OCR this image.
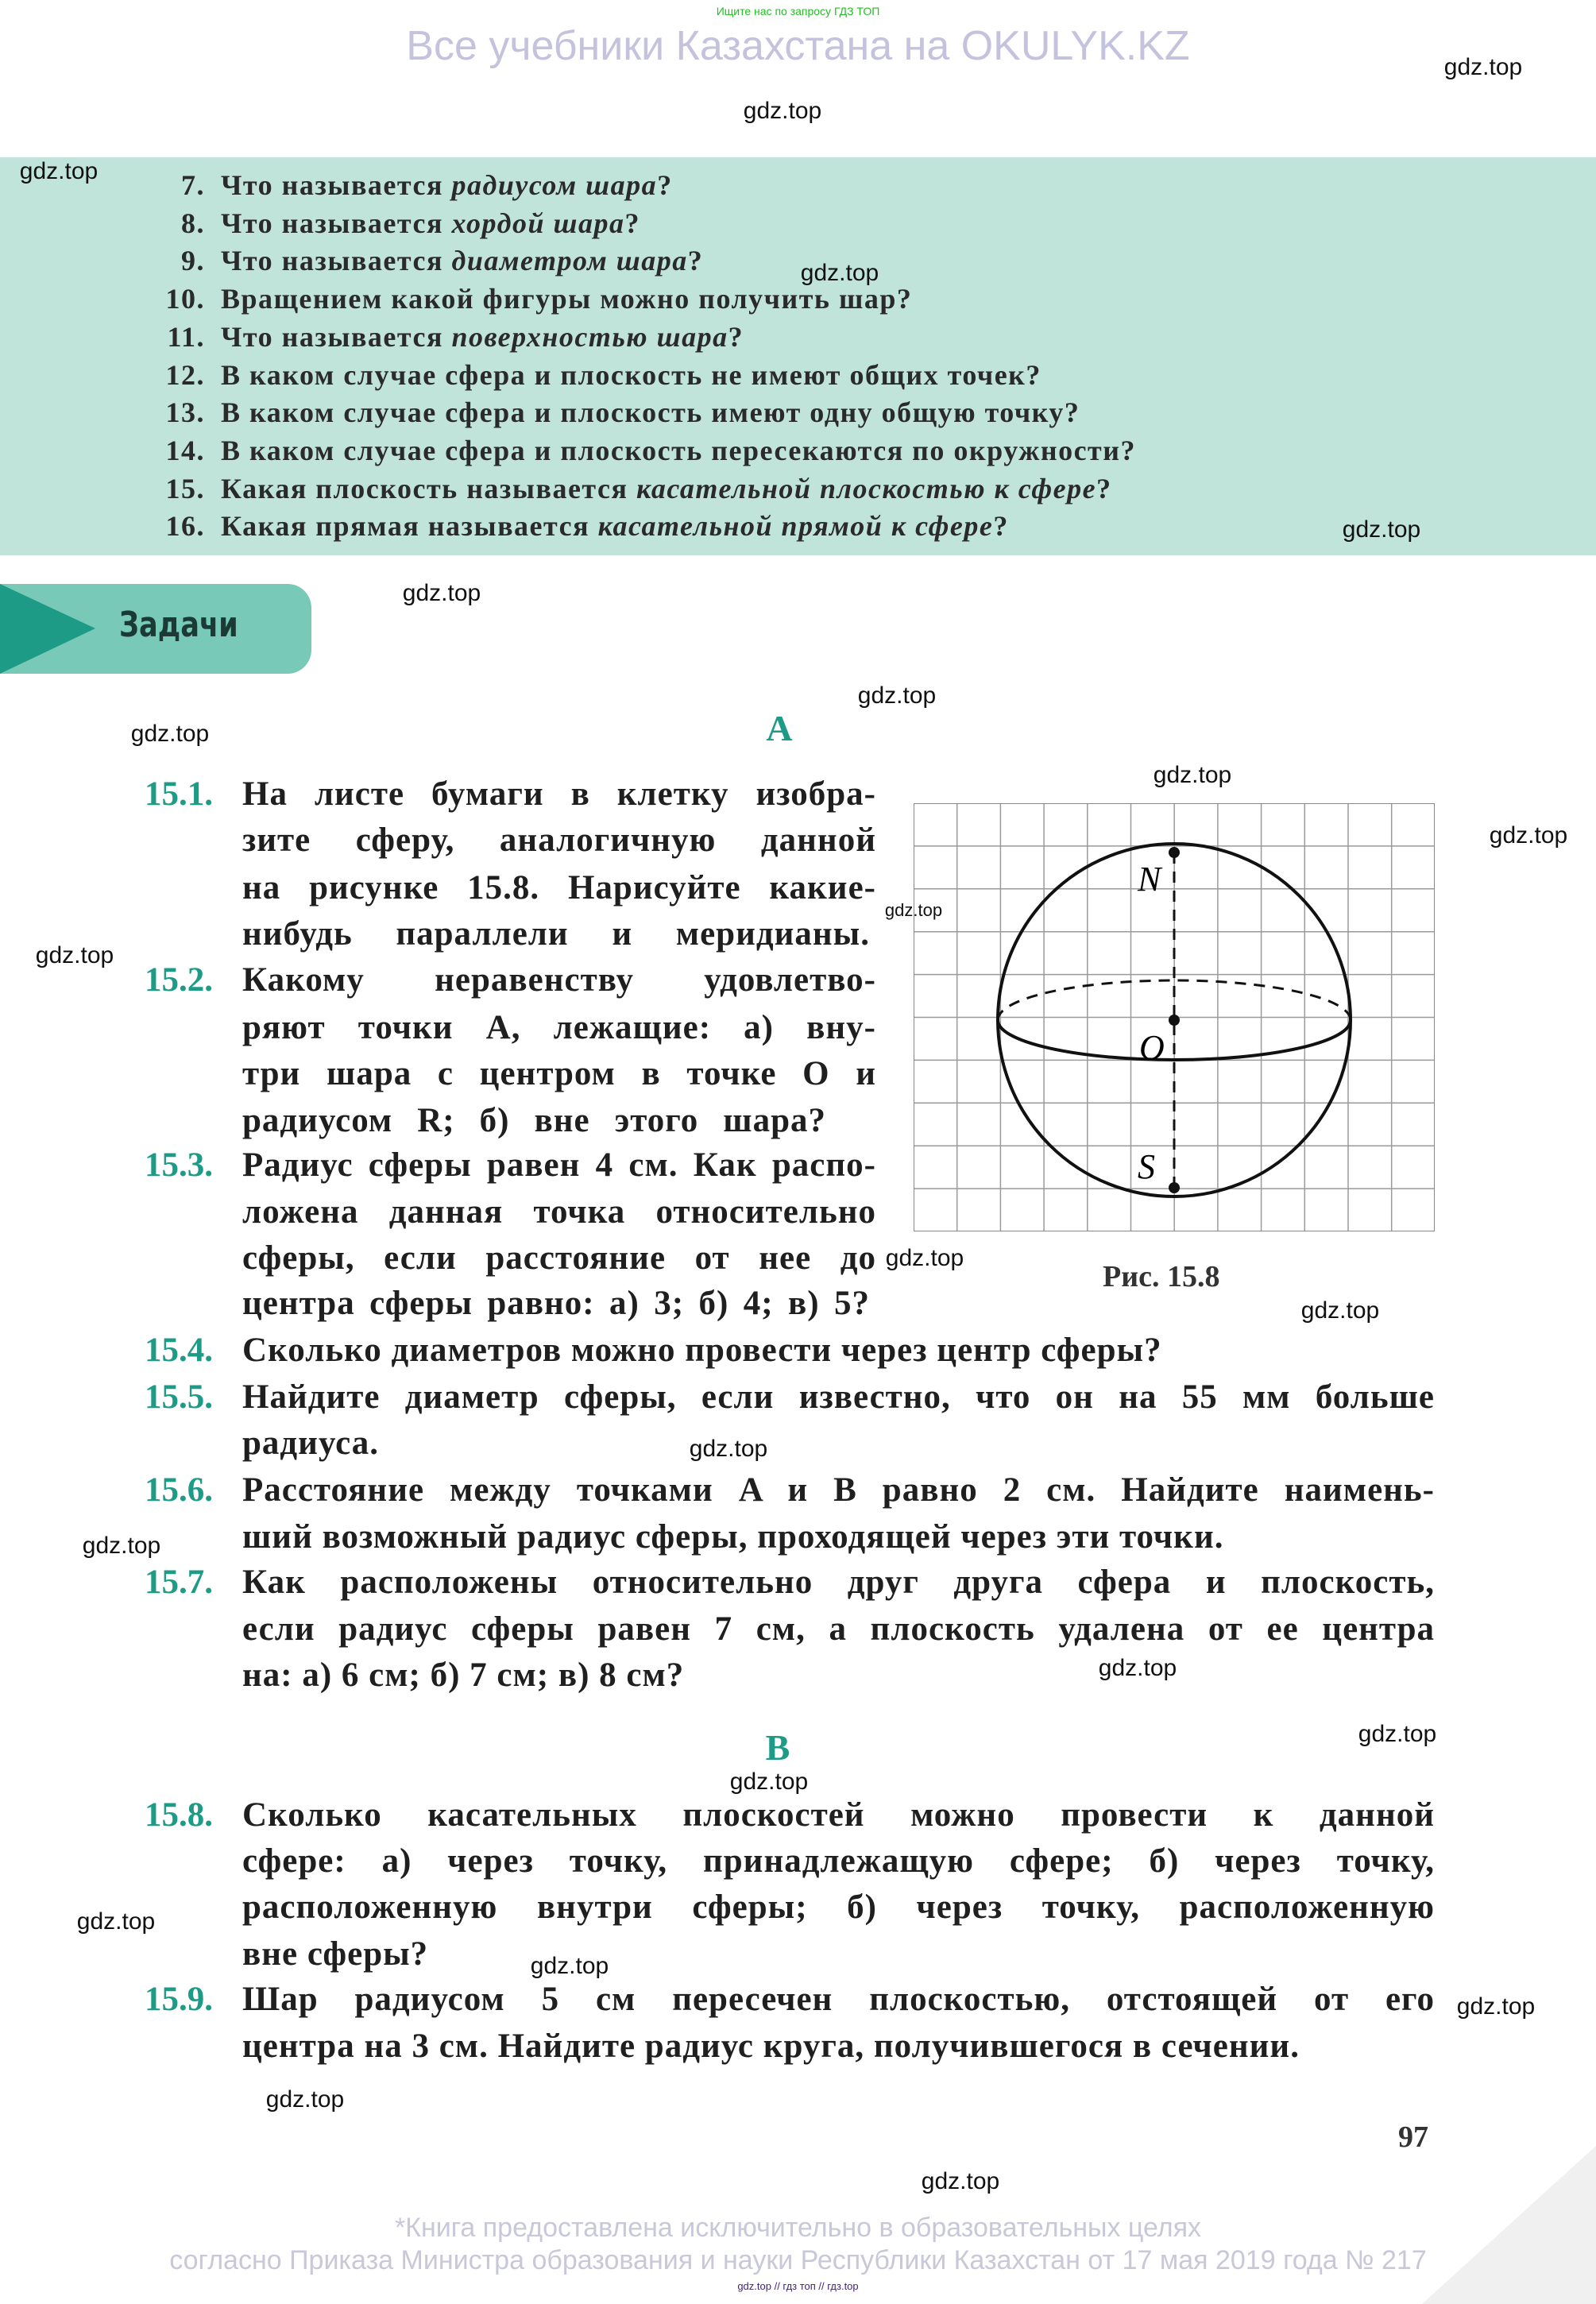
Ищите нас по запросу ГДЗ ТОП
Все учебники Казахстана на OKULYK.KZ
7. Что называется радиусом шара?
8. Что называется хордой шара?
9. Что называется диаметром шара?
10. Вращением какой фигуры можно получить шар?
11. Что называется поверхностью шара?
12. В каком случае сфера и плоскость не имеют общих точек?
13. В каком случае сфера и плоскость имеют одну общую точку?
14. В каком случае сфера и плоскость пересекаются по окружности?
15. Какая плоскость называется касательной плоскостью к сфере?
16. Какая прямая называется касательной прямой к сфере?
Задачи
A
B
15.1. На листе бумаги в клетку изобра-
зите сферу, аналогичную данной
на рисунке 15.8. Нарисуйте какие-
нибудь параллели и меридианы.
15.2. Какому неравенству удовлетво-
ряют точки A, лежащие: а) вну-
три шара с центром в точке O и
радиусом R; б) вне этого шара?
15.3. Радиус сферы равен 4 см. Как распо-
ложена данная точка относительно
сферы, если расстояние от нее до
центра сферы равно: а) 3; б) 4; в) 5?
15.4. Сколько диаметров можно провести через центр сферы?
15.5. Найдите диаметр сферы, если известно, что он на 55 мм больше
радиуса.
15.6. Расстояние между точками A и B равно 2 см. Найдите наимень-
ший возможный радиус сферы, проходящей через эти точки.
15.7. Как расположены относительно друг друга сфера и плоскость,
если радиус сферы равен 7 см, а плоскость удалена от ее центра
на: а) 6 см; б) 7 см; в) 8 см?
15.8. Сколько касательных плоскостей можно провести к данной
сфере: а) через точку, принадлежащую сфере; б) через точку,
расположенную внутри сферы; б) через точку, расположенную
вне сферы?
15.9. Шар радиусом 5 см пересечен плоскостью, отстоящей от его
центра на 3 см. Найдите радиус круга, получившегося в сечении.
N
O
S
Рис. 15.8
97
*Книга предоставлена исключительно в образовательных целях
согласно Приказа Министра образования и науки Республики Казахстан от 17 мая 2019 года № 217
gdz.top // гдз топ // гдз.top
gdz.top
gdz.top
gdz.top
gdz.top
gdz.top
gdz.top
gdz.top
gdz.top
gdz.top
gdz.top
gdz.top
gdz.top
gdz.top
gdz.top
gdz.top
gdz.top
gdz.top
gdz.top
gdz.top
gdz.top
gdz.top
gdz.top
gdz.top
gdz.top
